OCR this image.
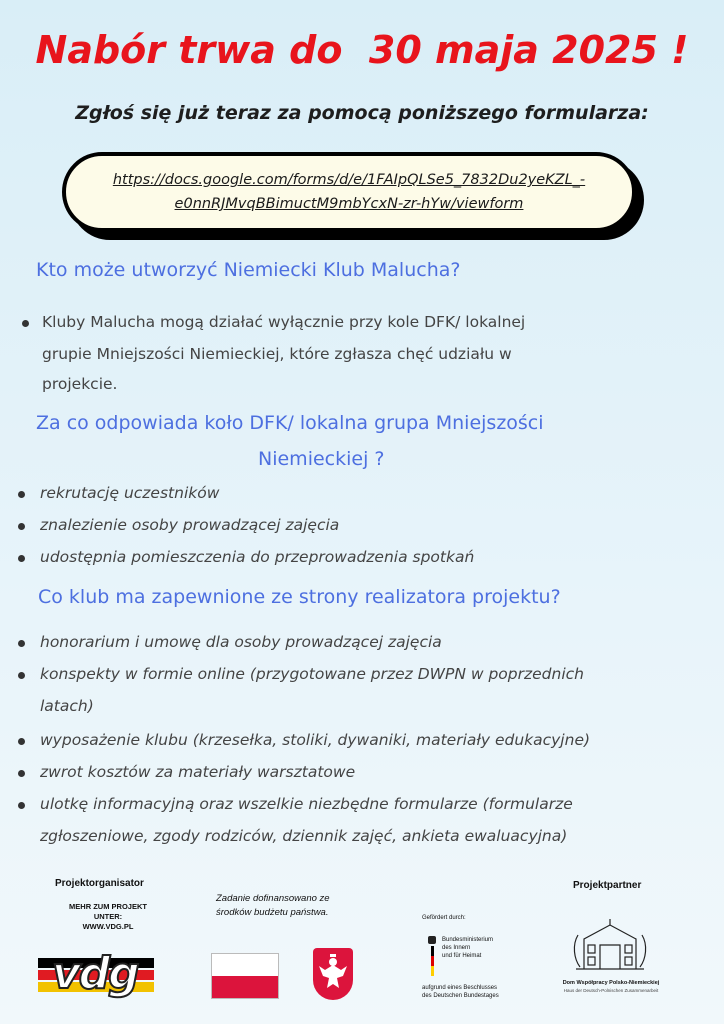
Nabór trwa do  30 maja 2025 !
Zgłoś się już teraz za pomocą poniższego formularza:
https://docs.google.com/forms/d/e/1FAIpQLSe5_7832Du2yeKZL_-
e0nnRJMvqBBimuctM9mbYcxN-zr-hYw/viewform
Kto może utworzyć Niemiecki Klub Malucha?
Kluby Malucha mogą działać wyłącznie przy kole DFK/ lokalnej
grupie Mniejszości Niemieckiej, które zgłasza chęć udziału w
projekcie.
Za co odpowiada koło DFK/ lokalna grupa Mniejszości
Niemieckiej ?
rekrutację uczestników
znalezienie osoby prowadzącej zajęcia
udostępnia pomieszczenia do przeprowadzenia spotkań
Co klub ma zapewnione ze strony realizatora projektu?
honorarium i umowę dla osoby prowadzącej zajęcia
konspekty w formie online (przygotowane przez DWPN w poprzednich
latach)
wyposażenie klubu (krzesełka, stoliki, dywaniki, materiały edukacyjne)
zwrot kosztów za materiały warsztatowe
ulotkę informacyjną oraz wszelkie niezbędne formularze (formularze
zgłoszeniowe, zgody rodziców, dziennik zajęć, ankieta ewaluacyjna)
Projektorganisator
MEHR ZUM PROJEKT
UNTER:
WWW.VDG.PL
vdg
Zadanie dofinansowano ze
środków budżetu państwa.	Gefördert durch:
Bundesministerium
des Innern
und für Heimat
aufgrund eines Beschlusses
des Deutschen Bundestages
Projektpartner
Dom Współpracy Polsko-Niemieckiej
Haus der Deutsch-Polnischen Zusammenarbeit
